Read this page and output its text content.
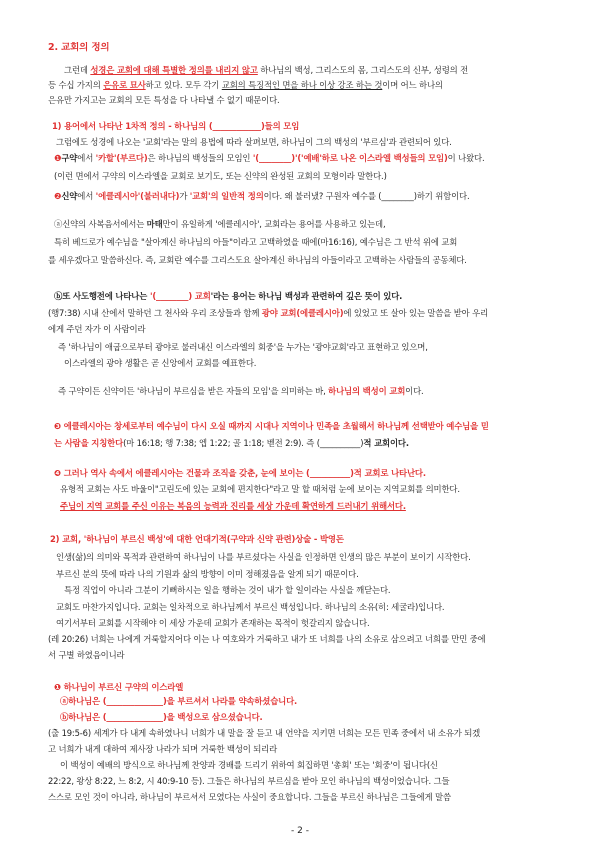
2. 교회의 정의
그런데 성경은 교회에 대해 특별한 정의를 내리지 않고 하나님의 백성, 그리스도의 몸, 그리스도의 신부, 성령의 전
등 수십 가지의 은유로 묘사하고 있다. 모두 각기 교회의 특징적인 면을 하나 이상 강조 하는 것이며 어느 하나의
은유만 가지고는 교회의 모든 특성을 다 나타낼 수 없기 때문이다.
1) 용어에서 나타난 1차적 정의 - 하나님의 (____________)들의 모임
그럼에도 성경에 나오는 '교회'라는 말의 용법에 따라 살펴보면, 하나님이 그의 백성의 '부르심'과 관련되어 있다.
❶구약에서 '카할'(부르다)은 하나님의 백성들의 모임인 '(________)'('예배'하로 나온 이스라엘 백성들의 모임)이 나왔다.
(이런 면에서 구약의 이스라엘을 교회로 보기도, 또는 신약의 완성된 교회의 모형이라 말한다.)
❷신약에서 '에클레시아'(불러내다)가 '교회'의 일반적 정의이다. 왜 불러냈? 구원자 예수를 (________)하기 위함이다.
ⓐ신약의 사복음서에서는 마태만이 유일하게 '에클레시아', 교회라는 용어를 사용하고 있는데,
특히 베드로가 예수님을 "살아계신 하나님의 아들"이라고 고백하였을 때에(마16:16), 예수님은 그 반석 위에 교회
를 세우겠다고 말씀하신다. 즉, 교회란 예수를 그리스도요 살아계신 하나님의 아들이라고 고백하는 사람들의 공동체다.
ⓑ또 사도행전에 나타나는 '(________) 교회'라는 용어는 하나님 백성과 관련하여 깊은 뜻이 있다.
(행7:38) 시내 산에서 말하던 그 천사와 우리 조상들과 함께 광야 교회(에클레시아)에 있었고 또 살아 있는 말씀을 받아 우리
에게 주던 자가 이 사람이라
즉 '하나님이 애굽으로부터 광야로 불러내신 이스라엘의 회중'을 누가는 '광야교회'라고 표현하고 있으며,
이스라엘의 광야 생활은 곧 신앙에서 교회를 예표한다.
즉 구약이든 신약이든 '하나님이 부르심을 받은 자들의 모임'을 의미하는 바, 하나님의 백성이 교회이다.
❸ 에클레시아는 창세로부터 예수님이 다시 오실 때까지 시대나 지역이나 민족을 초월해서 하나님께 선택받아 예수님을 믿
는 사람을 지칭한다(마 16:18; 행 7:38; 엡 1:22; 골 1:18; 벧전 2:9). 즉 (__________)적 교회이다.
❹ 그러나 역사 속에서 에클레시아는 건물과 조직을 갖춘, 눈에 보이는 (__________)적 교회로 나타난다.
유형적 교회는 사도 바울이"고린도에 있는 교회에 편지한다"라고 말 할 때처럼 눈에 보이는 지역교회를 의미한다.
주님이 지역 교회를 주신 이유는 복음의 능력과 진리를 세상 가운데 확연하게 드러내기 위해서다.
2) 교회, '하나님이 부르신 백성'에 대한 언대기적(구약과 신약 관련)상술 - 박영돈
인생(삶)의 의미와 목적과 관련하여 하나님이 나를 부르셨다는 사실을 인정하면 인생의 많은 부분이 보이기 시작한다.
부르신 분의 뜻에 따라 나의 기원과 삶의 방향이 이미 정해졌음을 알게 되기 때문이다.
특정 직업이 아니라 그분이 기뻐하시는 일을 행하는 것이 내가 할 일이라는 사실을 깨닫는다.
교회도 마찬가지입니다. 교회는 일차적으로 하나님께서 부르신 백성입니다. 하나님의 소유(히: 세굴라)입니다.
여기서부터 교회를 시작해야 이 세상 가운데 교회가 존재하는 목적이 헛갈리지 않습니다.
(레 20:26) 너희는 나에게 거룩할지어다 이는 나 여호와가 거룩하고 내가 또 너희를 나의 소유로 삼으려고 너희를 만민 중에
서 구별 하였음이니라
❶ 하나님이 부르신 구약의 이스라엘
ⓐ하나님은 (______________)을 부르셔서 나라를 약속하셨습니다.
ⓑ하나님은 (______________)을 백성으로 삼으셨습니다.
(출 19:5-6) 세계가 다 내게 속하였나니 너희가 내 말을 잘 듣고 내 언약을 지키면 너희는 모든 민족 중에서 내 소유가 되겠
고 너희가 내게 대하여 제사장 나라가 되며 거룩한 백성이 되리라
이 백성이 예배의 방식으로 하나님께 찬양과 경배를 드리기 위하여 회집하면 '총회' 또는 '회중'이 됩니다(신
22:22, 왕상 8:22, 느 8:2, 시 40:9-10 등). 그들은 하나님의 부르심을 받아 모인 하나님의 백성이었습니다. 그들
스스로 모인 것이 아니라, 하나님이 부르셔서 모였다는 사실이 중요합니다. 그들을 부르신 하나님은 그들에게 말씀
- 2 -
